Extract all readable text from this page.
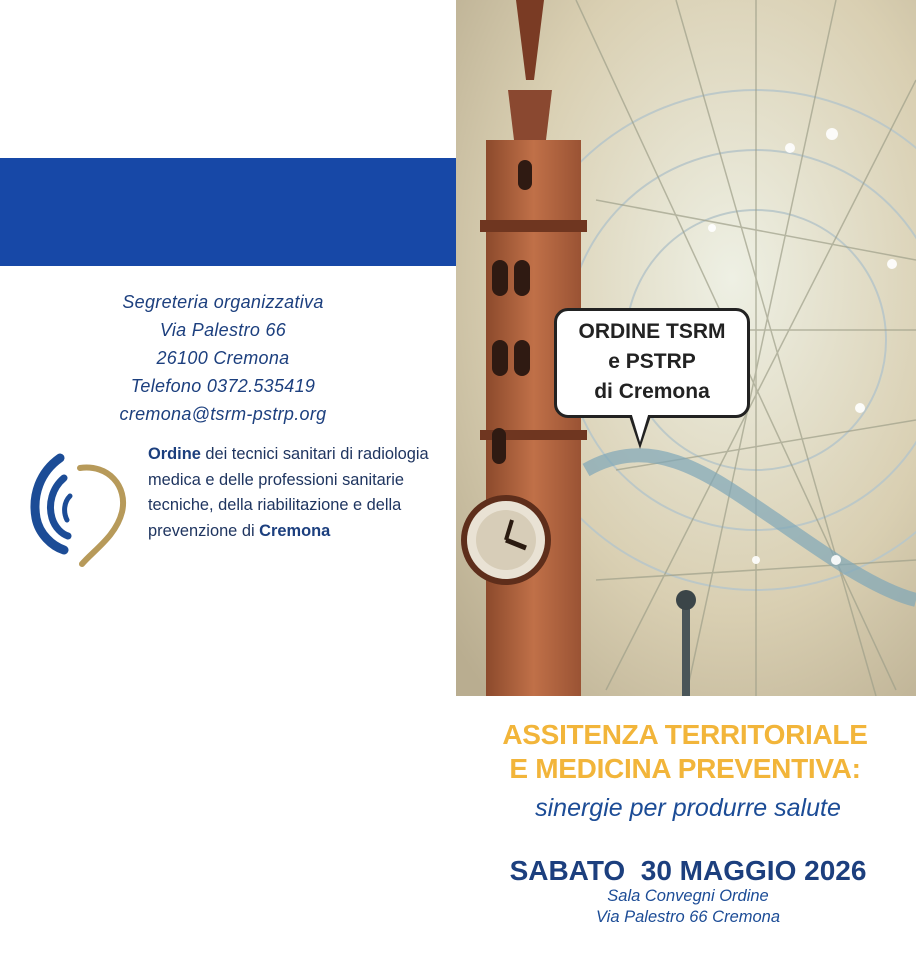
Segreteria organizzativa
Via Palestro 66
26100 Cremona
Telefono 0372.535419
cremona@tsrm-pstrp.org
Ordine dei tecnici sanitari di radiologia medica e delle professioni sanitarie tecniche, della riabilitazione e della prevenzione di Cremona
ORDINE TSRM
e PSTRP
di Cremona
ASSITENZA TERRITORIALE
E MEDICINA PREVENTIVA:
sinergie per produrre salute
SABATO  30 MAGGIO 2026
Sala Convegni Ordine
Via Palestro 66 Cremona
